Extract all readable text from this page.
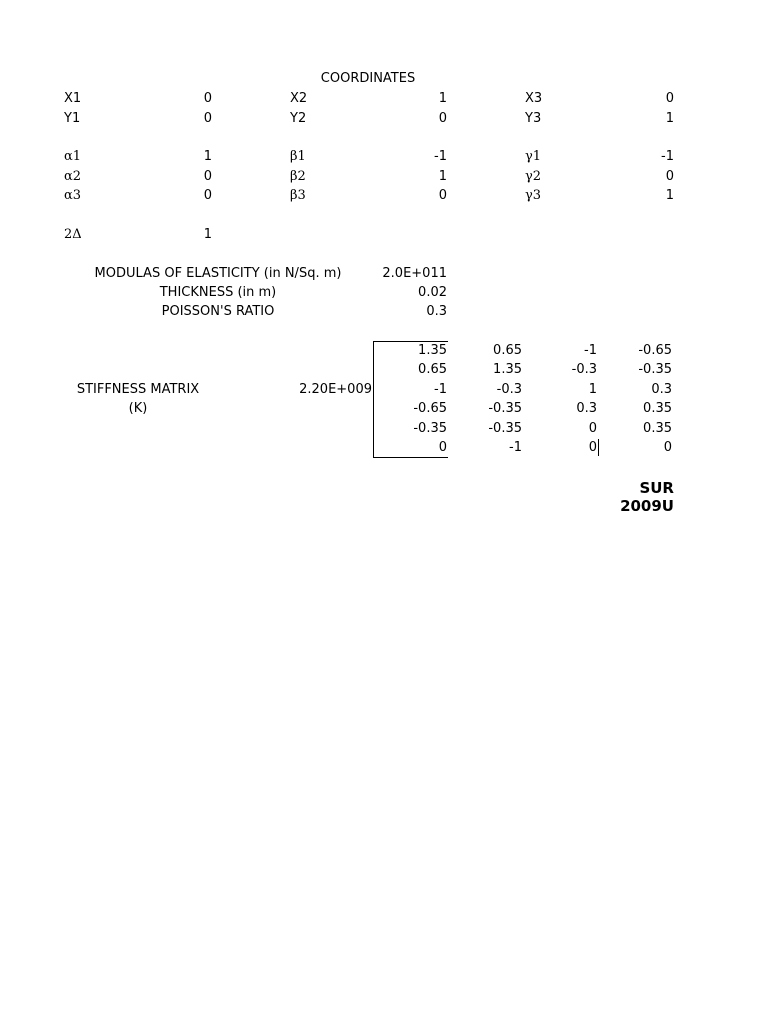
COORDINATES
X1	0	X2	1	X3	0
Y1	0	Y2	0	Y3	1
α1	1	β1	-1	γ1	-1
α2	0	β2	1	γ2	0
α3	0	β3	0	γ3	1
2Δ	1
MODULAS OF ELASTICITY (in N/Sq. m)	2.0E+011
THICKNESS (in m)	0.02
POISSON'S RATIO	0.3
STIFFNESS MATRIX
(K)
2.20E+009
1.35	0.65	-1	-0.65
0.65	1.35	-0.3	-0.35
-1	-0.3	1	0.3
-0.65	-0.35	0.3	0.35
-0.35	-0.35	0	0.35
0	-1	0	0
SUR
2009U
